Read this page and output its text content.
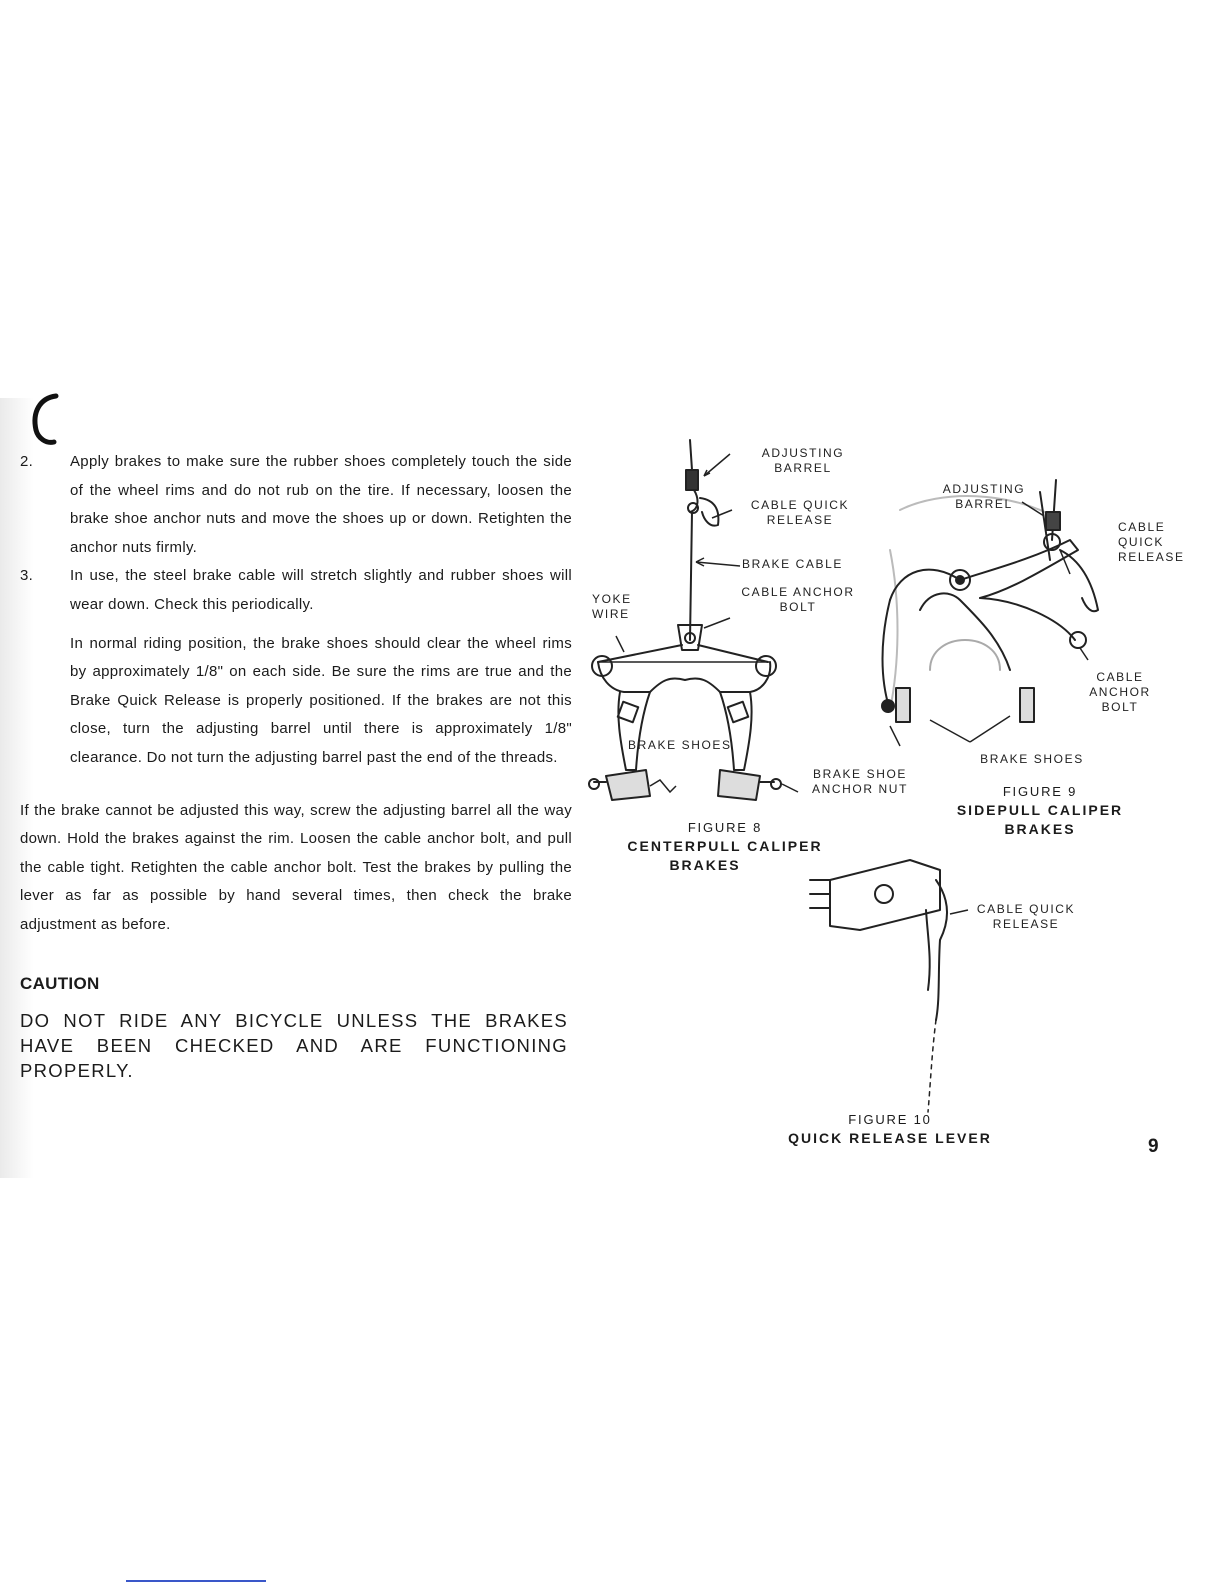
2.	Apply brakes to make sure the rubber shoes completely touch the side of the wheel rims and do not rub on the tire. If necessary, loosen the brake shoe anchor nuts and move the shoes up or down. Retighten the anchor nuts firmly.

3.	In use, the steel brake cable will stretch slightly and rubber shoes will wear down. Check this periodically.

In normal riding position, the brake shoes should clear the wheel rims by approximately 1/8" on each side. Be sure the rims are true and the Brake Quick Release is properly positioned. If the brakes are not this close, turn the adjusting barrel until there is approximately 1/8" clearance. Do not turn the adjusting barrel past the end of the threads.

If the brake cannot be adjusted this way, screw the adjusting barrel all the way down. Hold the brakes against the rim. Loosen the cable anchor bolt, and pull the cable tight. Retighten the cable anchor bolt. Test the brakes by pulling the lever as far as possible by hand several times, then check the brake adjustment as before.

CAUTION
DO NOT RIDE ANY BICYCLE UNLESS THE BRAKES HAVE BEEN CHECKED AND ARE FUNCTIONING PROPERLY.
ADJUSTING
BARREL
CABLE QUICK
RELEASE
BRAKE CABLE
CABLE ANCHOR
BOLT
YOKE
WIRE
BRAKE SHOES
BRAKE SHOE
ANCHOR NUT
FIGURE 8
CENTERPULL CALIPER
BRAKES
ADJUSTING
BARREL
CABLE
QUICK
RELEASE
CABLE
ANCHOR
BOLT
BRAKE SHOES
FIGURE 9
SIDEPULL CALIPER
BRAKES
CABLE QUICK
RELEASE
FIGURE 10
QUICK RELEASE LEVER	9
